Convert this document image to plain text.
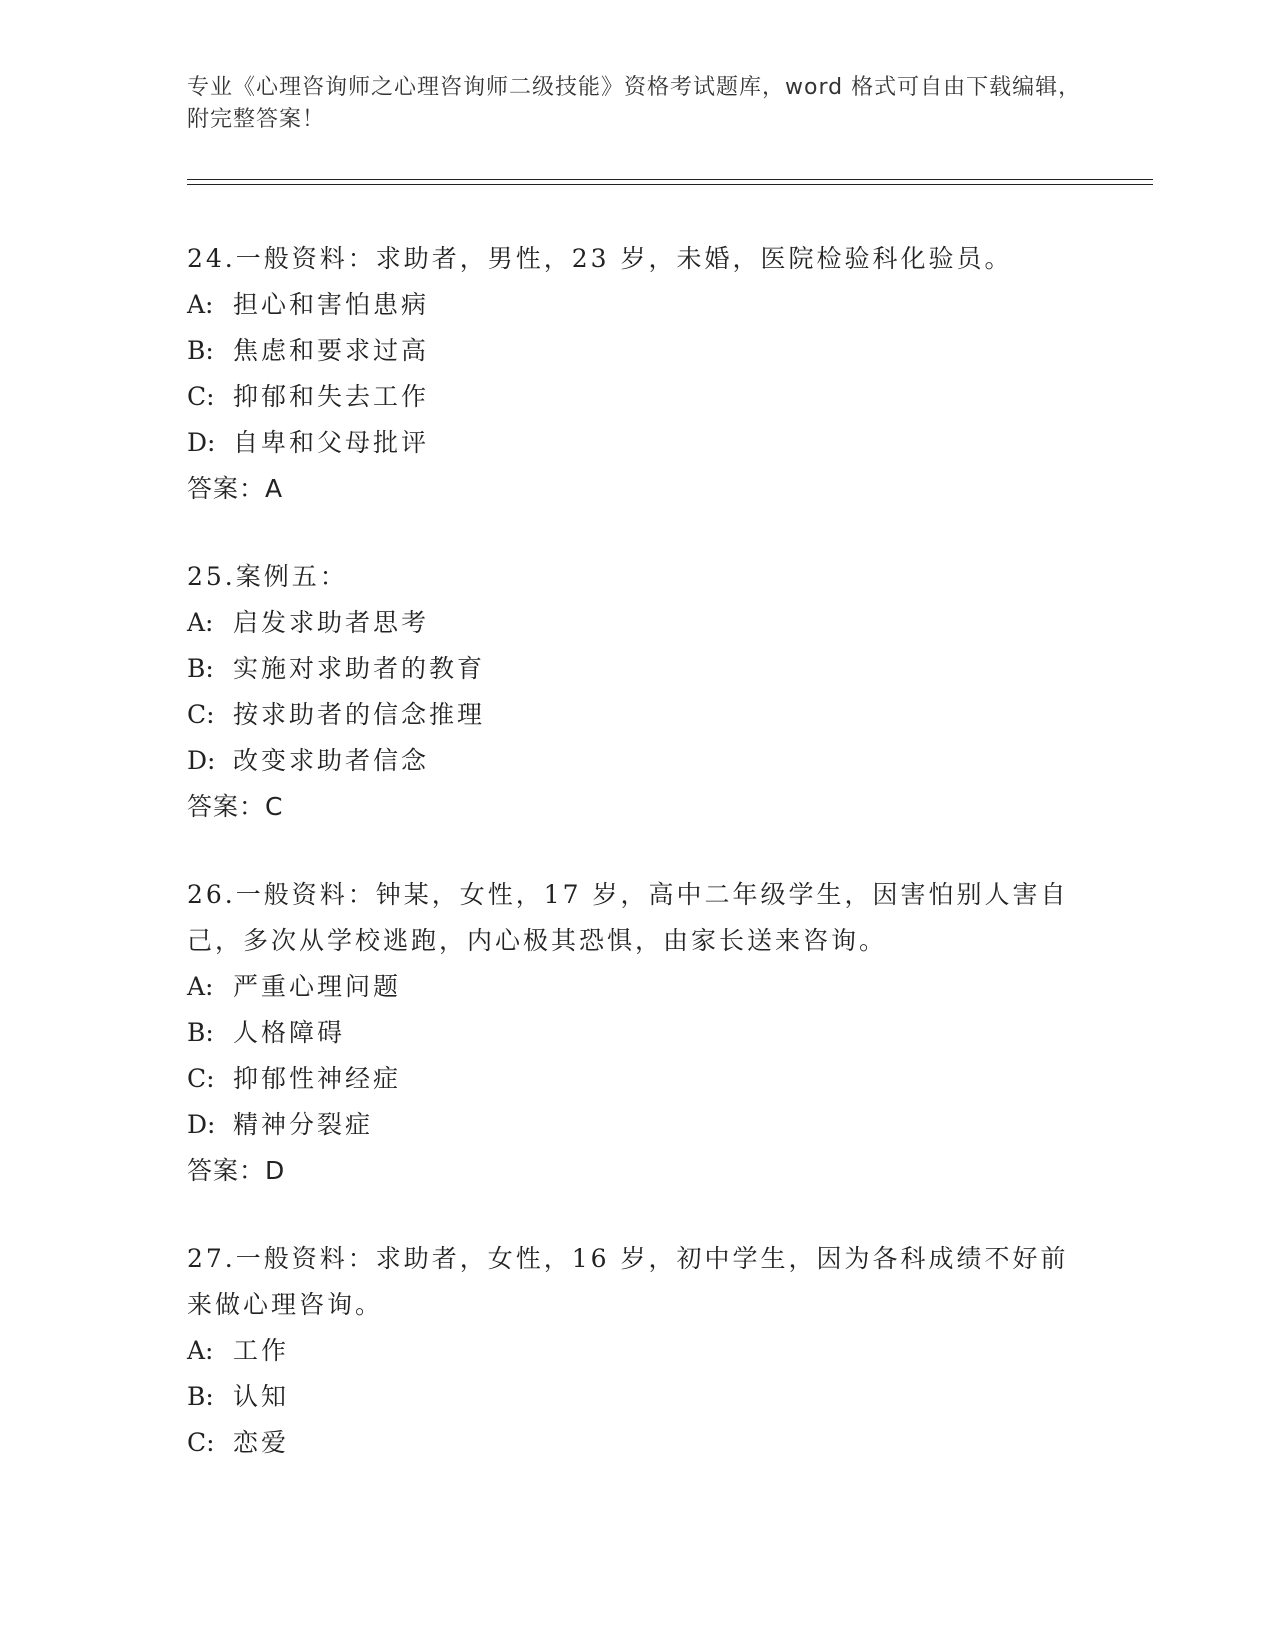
专业《心理咨询师之心理咨询师二级技能》资格考试题库，word 格式可自由下载编辑，附完整答案！
24.一般资料：求助者，男性，23 岁，未婚，医院检验科化验员。
A: 担心和害怕患病
B: 焦虑和要求过高
C: 抑郁和失去工作
D: 自卑和父母批评
答案：A
25.案例五：
A: 启发求助者思考
B: 实施对求助者的教育
C: 按求助者的信念推理
D: 改变求助者信念
答案：C
26.一般资料：钟某，女性，17 岁，高中二年级学生，因害怕别人害自己，多次从学校逃跑，内心极其恐惧，由家长送来咨询。
A: 严重心理问题
B: 人格障碍
C: 抑郁性神经症
D: 精神分裂症
答案：D
27.一般资料：求助者，女性，16 岁，初中学生，因为各科成绩不好前来做心理咨询。
A: 工作
B: 认知
C: 恋爱
